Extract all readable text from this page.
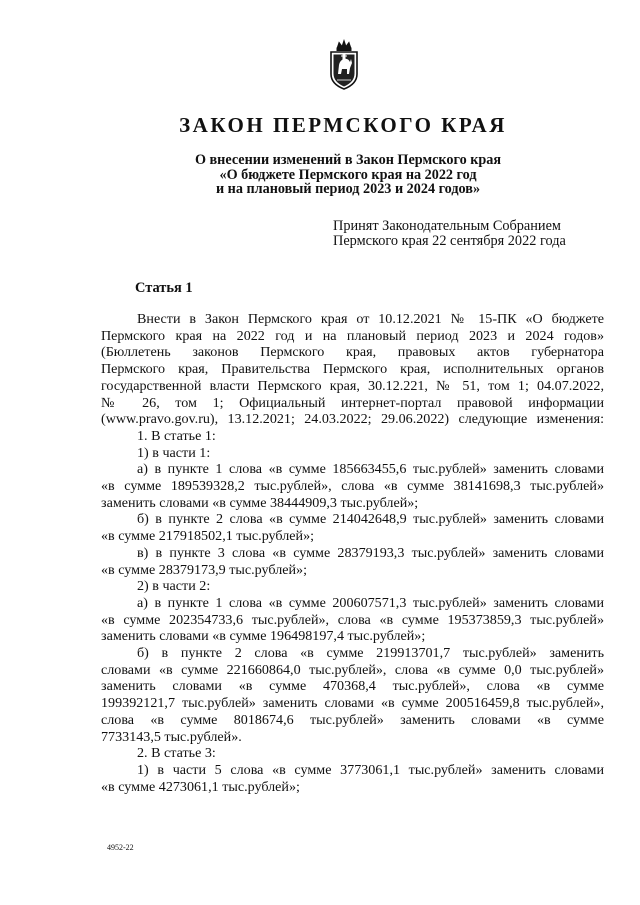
ЗАКОН ПЕРМСКОГО КРАЯ
О внесении изменений в Закон Пермского края
«О бюджете Пермского края на 2022 год
и на плановый период 2023 и 2024 годов»
Принят Законодательным Собранием
Пермского края 22 сентября 2022 года
Статья 1

Внести в Закон Пермского края от 10.12.2021 № 15-ПК «О бюджете

Пермского края на 2022 год и на плановый период 2023 и 2024 годов»

(Бюллетень законов Пермского края, правовых актов губернатора

Пермского края, Правительства Пермского края, исполнительных органов

государственной власти Пермского края, 30.12.221, № 51, том 1; 04.07.2022,

№ 26, том 1; Официальный интернет-портал правовой информации

(www.pravo.gov.ru), 13.12.2021; 24.03.2022; 29.06.2022) следующие изменения:

1. В статье 1:

1) в части 1:

а) в пункте 1 слова «в сумме 185663455,6 тыс.рублей» заменить словами

«в сумме 189539328,2 тыс.рублей», слова «в сумме 38141698,3 тыс.рублей»

заменить словами «в сумме 38444909,3 тыс.рублей»;

б) в пункте 2 слова «в сумме 214042648,9 тыс.рублей» заменить словами

«в сумме 217918502,1 тыс.рублей»;

в) в пункте 3 слова «в сумме 28379193,3 тыс.рублей» заменить словами

«в сумме 28379173,9 тыс.рублей»;

2) в части 2:

а) в пункте 1 слова «в сумме 200607571,3 тыс.рублей» заменить словами

«в сумме 202354733,6 тыс.рублей», слова «в сумме 195373859,3 тыс.рублей»

заменить словами «в сумме 196498197,4 тыс.рублей»;

б) в пункте 2 слова «в сумме 219913701,7 тыс.рублей» заменить

словами «в сумме 221660864,0 тыс.рублей», слова «в сумме 0,0 тыс.рублей»

заменить словами «в сумме 470368,4 тыс.рублей», слова «в сумме

199392121,7 тыс.рублей» заменить словами «в сумме 200516459,8 тыс.рублей»,

слова «в сумме 8018674,6 тыс.рублей» заменить словами «в сумме

7733143,5 тыс.рублей».

2. В статье 3:

1) в части 5 слова «в сумме 3773061,1 тыс.рублей» заменить словами

«в сумме 4273061,1 тыс.рублей»;

4952-22
